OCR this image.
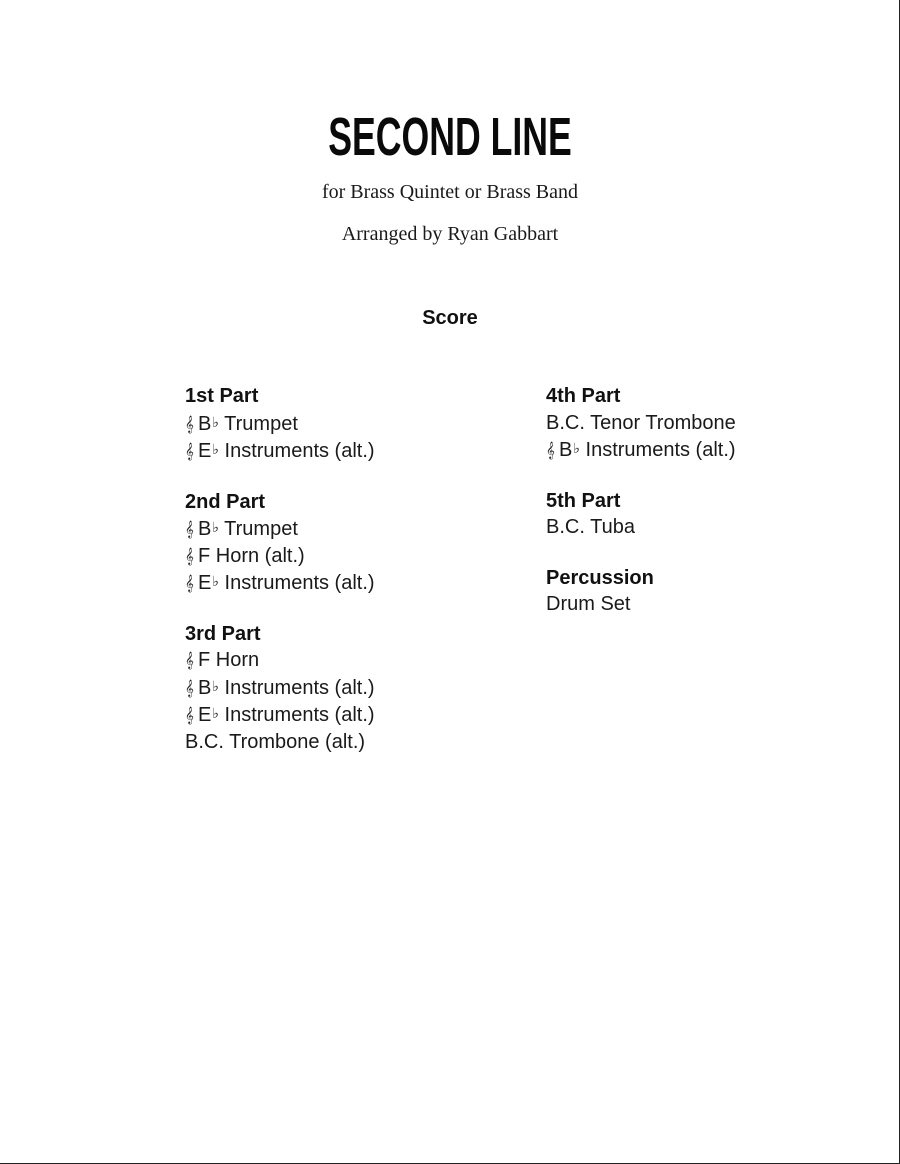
SECOND LINE
for Brass Quintet or Brass Band
Arranged by Ryan Gabbart
Score
1st Part
𝄞 B♭ Trumpet
𝄞 E♭ Instruments (alt.)
2nd Part
𝄞 B♭ Trumpet
𝄞 F Horn (alt.)
𝄞 E♭ Instruments (alt.)
3rd Part
𝄞 F Horn
𝄞 B♭ Instruments (alt.)
𝄞 E♭ Instruments (alt.)
B.C. Trombone (alt.)
4th Part
B.C. Tenor Trombone
𝄞 B♭ Instruments (alt.)
5th Part
B.C. Tuba
Percussion
Drum Set
